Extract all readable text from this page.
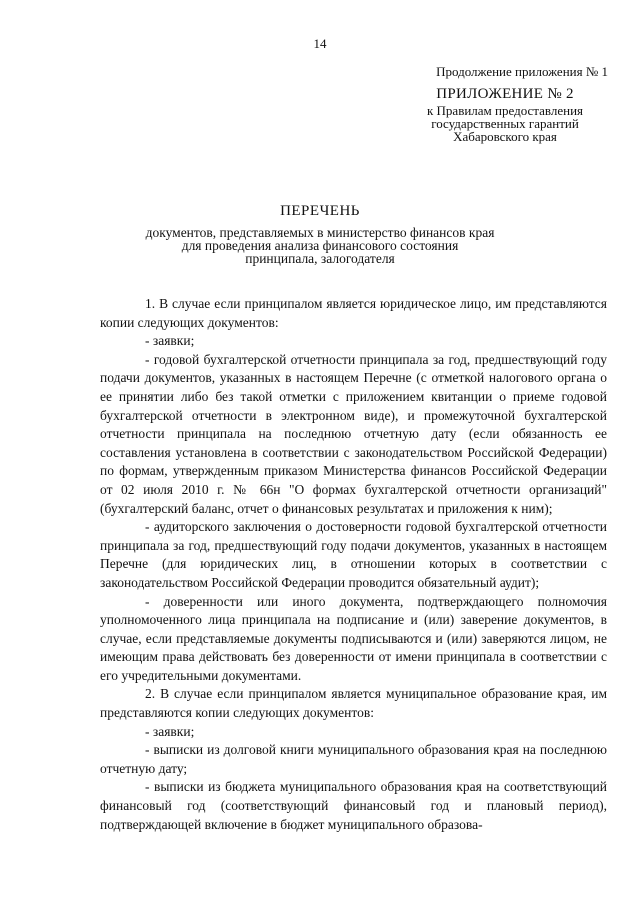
14
Продолжение приложения № 1
ПРИЛОЖЕНИЕ № 2
к Правилам предоставления
государственных гарантий
Хабаровского края
ПЕРЕЧЕНЬ
документов, представляемых в министерство финансов края
для проведения анализа финансового состояния
принципала, залогодателя

1. В случае если принципалом является юридическое лицо, им представляются копии следующих документов:

- заявки;

- годовой бухгалтерской отчетности принципала за год, предшествующий году подачи документов, указанных в настоящем Перечне (с отметкой налогового органа о ее принятии либо без такой отметки с приложением квитанции о приеме годовой бухгалтерской отчетности в электронном виде), и промежуточной бухгалтерской отчетности принципала на последнюю отчетную дату (если обязанность ее составления установлена в соответствии с законодательством Российской Федерации) по формам, утвержденным приказом Министерства финансов Российской Федерации от 02 июля 2010 г. № 66н "О формах бухгалтерской отчетности организаций" (бухгалтерский баланс, отчет о финансовых результатах и приложения к ним);

- аудиторского заключения о достоверности годовой бухгалтерской отчетности принципала за год, предшествующий году подачи документов, указанных в настоящем Перечне (для юридических лиц, в отношении которых в соответствии с законодательством Российской Федерации проводится обязательный аудит);

- доверенности или иного документа, подтверждающего полномочия уполномоченного лица принципала на подписание и (или) заверение документов, в случае, если представляемые документы подписываются и (или) заверяются лицом, не имеющим права действовать без доверенности от имени принципала в соответствии с его учредительными документами.

2. В случае если принципалом является муниципальное образование края, им представляются копии следующих документов:

- заявки;

- выписки из долговой книги муниципального образования края на последнюю отчетную дату;

- выписки из бюджета муниципального образования края на соответствующий финансовый год (соответствующий финансовый год и плановый период), подтверждающей включение в бюджет муниципального образова-
